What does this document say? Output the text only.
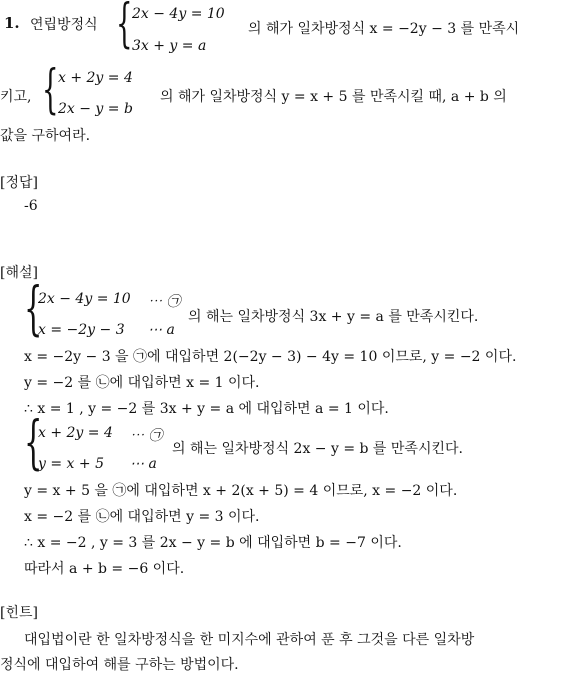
1. 연립방정식 { 2x − 4y = 10
3x + y = a
의 해가 일차방정식 x = −2y − 3 를 만족시
키고, { x + 2y = 4
2x − y = b
의 해가 일차방정식 y = x + 5 를 만족시킬 때, a + b 의
값을 구하여라.
[정답]
-6
[해설]
{
2x − 4y = 10 ⋯ ㉠
x = −2y − 3 ⋯ a
의 해는 일차방정식 3x + y = a 를 만족시킨다.
x = −2y − 3 을 ㉠에 대입하면 2(−2y − 3) − 4y = 10 이므로, y = −2 이다.
y = −2 를 ㉡에 대입하면 x = 1 이다.
∴ x = 1 , y = −2 를 3x + y = a 에 대입하면 a = 1 이다.
{
x + 2y = 4 ⋯ ㉠
y = x + 5 ⋯ a
의 해는 일차방정식 2x − y = b 를 만족시킨다.
y = x + 5 을 ㉠에 대입하면 x + 2(x + 5) = 4 이므로, x = −2 이다.
x = −2 를 ㉡에 대입하면 y = 3 이다.
∴ x = −2 , y = 3 를 2x − y = b 에 대입하면 b = −7 이다.
따라서 a + b = −6 이다.
[힌트]
대입법이란 한 일차방정식을 한 미지수에 관하여 푼 후 그것을 다른 일차방
정식에 대입하여 해를 구하는 방법이다.
